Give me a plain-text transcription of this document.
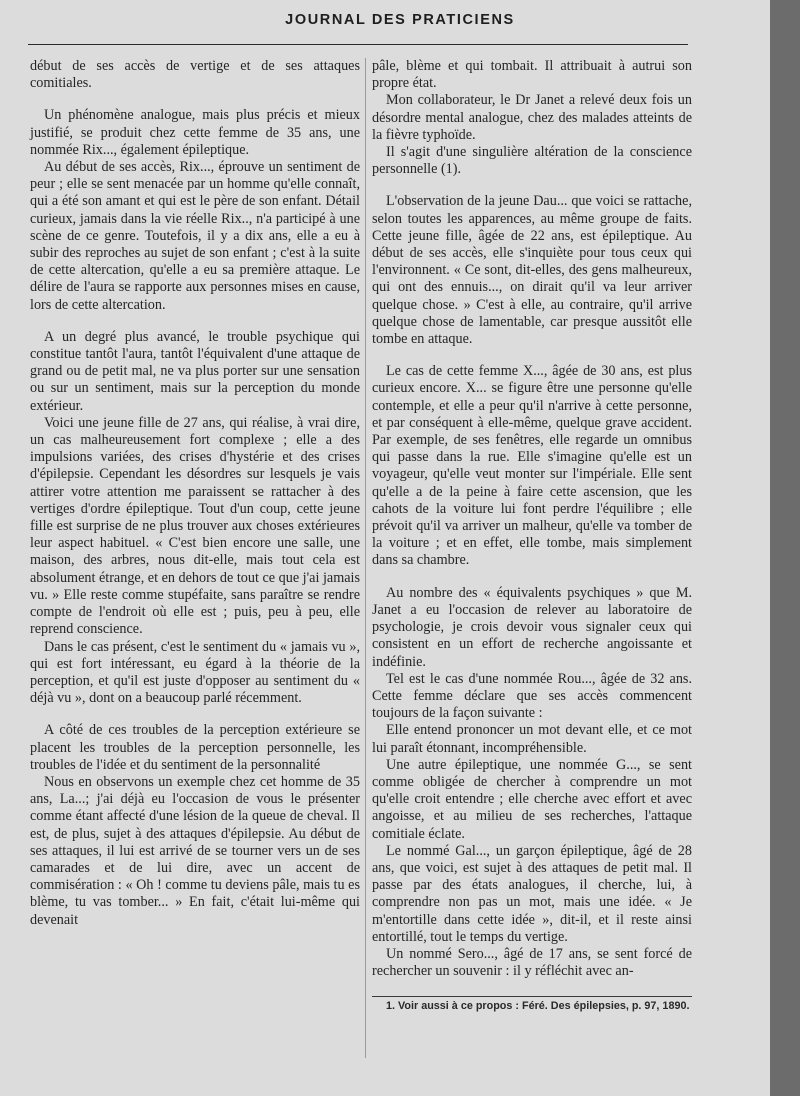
JOURNAL DES PRATICIENS

début de ses accès de vertige et de ses attaques comitiales.

Un phénomène analogue, mais plus précis et mieux justifié, se produit chez cette femme de 35 ans, une nommée Rix..., également épileptique.

Au début de ses accès, Rix..., éprouve un sentiment de peur ; elle se sent menacée par un homme qu'elle connaît, qui a été son amant et qui est le père de son enfant. Détail curieux, jamais dans la vie réelle Rix.., n'a participé à une scène de ce genre. Toutefois, il y a dix ans, elle a eu à subir des reproches au sujet de son enfant ; c'est à la suite de cette altercation, qu'elle a eu sa première attaque. Le délire de l'aura se rapporte aux personnes mises en cause, lors de cette altercation.

A un degré plus avancé, le trouble psychique qui constitue tantôt l'aura, tantôt l'équivalent d'une attaque de grand ou de petit mal, ne va plus porter sur une sensation ou sur un sentiment, mais sur la perception du monde extérieur.

Voici une jeune fille de 27 ans, qui réalise, à vrai dire, un cas malheureusement fort complexe ; elle a des impulsions variées, des crises d'hystérie et des crises d'épilepsie. Cependant les désordres sur lesquels je vais attirer votre attention me paraissent se rattacher à des vertiges d'ordre épileptique. Tout d'un coup, cette jeune fille est surprise de ne plus trouver aux choses extérieures leur aspect habituel. « C'est bien encore une salle, une maison, des arbres, nous dit-elle, mais tout cela est absolument étrange, et en dehors de tout ce que j'ai jamais vu. » Elle reste comme stupéfaite, sans paraître se rendre compte de l'endroit où elle est ; puis, peu à peu, elle reprend conscience.

Dans le cas présent, c'est le sentiment du « jamais vu », qui est fort intéressant, eu égard à la théorie de la perception, et qu'il est juste d'opposer au sentiment du « déjà vu », dont on a beaucoup parlé récemment.

A côté de ces troubles de la perception extérieure se placent les troubles de la perception personnelle, les troubles de l'idée et du sentiment de la personnalité

Nous en observons un exemple chez cet homme de 35 ans, La...; j'ai déjà eu l'occasion de vous le présenter comme étant affecté d'une lésion de la queue de cheval. Il est, de plus, sujet à des attaques d'épilepsie. Au début de ses attaques, il lui est arrivé de se tourner vers un de ses camarades et de lui dire, avec un accent de commisération : « Oh ! comme tu deviens pâle, mais tu es blème, tu vas tomber... » En fait, c'était lui-même qui devenait

pâle, blème et qui tombait. Il attribuait à autrui son propre état.

Mon collaborateur, le Dr Janet a relevé deux fois un désordre mental analogue, chez des malades atteints de la fièvre typhoïde.

Il s'agit d'une singulière altération de la conscience personnelle (1).

L'observation de la jeune Dau... que voici se rattache, selon toutes les apparences, au même groupe de faits. Cette jeune fille, âgée de 22 ans, est épileptique. Au début de ses accès, elle s'inquiète pour tous ceux qui l'environnent. « Ce sont, dit-elles, des gens malheureux, qui ont des ennuis..., on dirait qu'il va leur arriver quelque chose. » C'est à elle, au contraire, qu'il arrive quelque chose de lamentable, car presque aussitôt elle tombe en attaque.

Le cas de cette femme X..., âgée de 30 ans, est plus curieux encore. X... se figure être une personne qu'elle contemple, et elle a peur qu'il n'arrive à cette personne, et par conséquent à elle-même, quelque grave accident. Par exemple, de ses fenêtres, elle regarde un omnibus qui passe dans la rue. Elle s'imagine qu'elle est un voyageur, qu'elle veut monter sur l'impériale. Elle sent qu'elle a de la peine à faire cette ascension, que les cahots de la voiture lui font perdre l'équilibre ; elle prévoit qu'il va arriver un malheur, qu'elle va tomber de la voiture ; et en effet, elle tombe, mais simplement dans sa chambre.

Au nombre des « équivalents psychiques » que M. Janet a eu l'occasion de relever au laboratoire de psychologie, je crois devoir vous signaler ceux qui consistent en un effort de recherche angoissante et indéfinie.

Tel est le cas d'une nommée Rou..., âgée de 32 ans. Cette femme déclare que ses accès commencent toujours de la façon suivante :

Elle entend prononcer un mot devant elle, et ce mot lui paraît étonnant, incompréhensible.

Une autre épileptique, une nommée G..., se sent comme obligée de chercher à comprendre un mot qu'elle croit entendre ; elle cherche avec effort et avec angoisse, et au milieu de ses recherches, l'attaque comitiale éclate.

Le nommé Gal..., un garçon épileptique, âgé de 28 ans, que voici, est sujet à des attaques de petit mal. Il passe par des états analogues, il cherche, lui, à comprendre non pas un mot, mais une idée. « Je m'entortille dans cette idée », dit-il, et il reste ainsi entortillé, tout le temps du vertige.

Un nommé Sero..., âgé de 17 ans, se sent forcé de rechercher un souvenir : il y réfléchit avec an-

1. Voir aussi à ce propos : Féré. Des épilepsies, p. 97, 1890.
